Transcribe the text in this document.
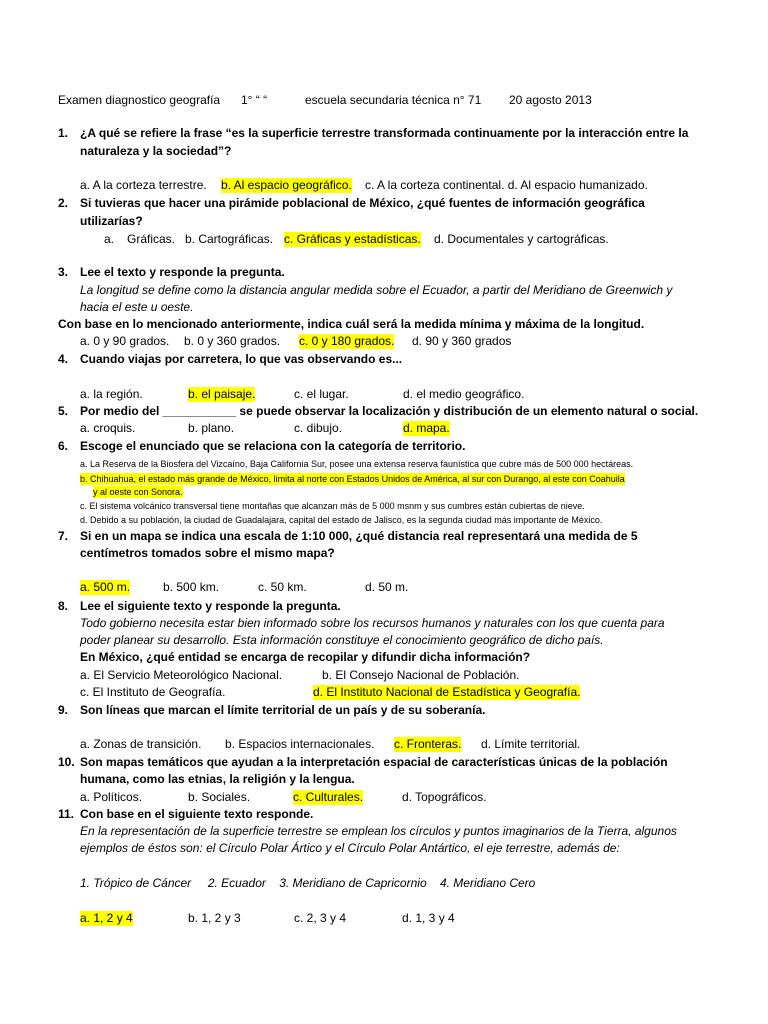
Examen diagnostico geografía 1° “ “	escuela secundaria técnica n° 71 20 agosto 2013
1. ¿A qué se refiere la frase “es la superficie terrestre transformada continuamente por la interacción entre la
naturaleza y la sociedad”?
a. A la corteza terrestre. b. Al espacio geográfico. c. A la corteza continental. d. Al espacio humanizado.
2. Si tuvieras que hacer una pirámide poblacional de México, ¿qué fuentes de información geográfica
utilizarías?
a. Gráficas. b. Cartográficas. c. Gráficas y estadísticas. d. Documentales y cartográficas.
3. Lee el texto y responde la pregunta.
La longitud se define como la distancia angular medida sobre el Ecuador, a partir del Meridiano de Greenwich y
hacia el este u oeste.
Con base en lo mencionado anteriormente, indica cuál será la medida mínima y máxima de la longitud.
a. 0 y 90 grados. b. 0 y 360 grados. c. 0 y 180 grados. d. 90 y 360 grados
4. Cuando viajas por carretera, lo que vas observando es...
a. la región.	b. el paisaje.	c. el lugar.	d. el medio geográfico.
5. Por medio del ___________ se puede observar la localización y distribución de un elemento natural o social.
a. croquis.	b. plano.	c. dibujo.	d. mapa.
6. Escoge el enunciado que se relaciona con la categoría de territorio.
a. La Reserva de la Biosfera del Vizcaíno, Baja California Sur, posee una extensa reserva faunística que cubre más de 500 000 hectáreas.
b. Chihuahua, el estado más grande de México, limita al norte con Estados Unidos de América, al sur con Durango, al este con Coahuila
y al oeste con Sonora.
c. El sistema volcánico transversal tiene montañas que alcanzan más de 5 000 msnm y sus cumbres están cubiertas de nieve.
d. Debido a su población, la ciudad de Guadalajara, capital del estado de Jalisco, es la segunda ciudad más importante de México.
7. Si en un mapa se indica una escala de 1:10 000, ¿qué distancia real representará una medida de 5
centímetros tomados sobre el mismo mapa?
a. 500 m.	b. 500 km.	c. 50 km.	d. 50 m.
8. Lee el siguiente texto y responde la pregunta.
Todo gobierno necesita estar bien informado sobre los recursos humanos y naturales con los que cuenta para
poder planear su desarrollo. Esta información constituye el conocimiento geográfico de dicho país.
En México, ¿qué entidad se encarga de recopilar y difundir dicha información?
a. El Servicio Meteorológico Nacional.	b. El Consejo Nacional de Población.
c. El Instituto de Geografía.	d. El Instituto Nacional de Estadística y Geografía.
9. Son líneas que marcan el límite territorial de un país y de su soberanía.
a. Zonas de transición. b. Espacios internacionales. c. Fronteras. d. Límite territorial.
10. Son mapas temáticos que ayudan a la interpretación espacial de características únicas de la población
humana, como las etnias, la religión y la lengua.
a. Políticos.	b. Sociales.	c. Culturales.	d. Topográficos.
11. Con base en el siguiente texto responde.
En la representación de la superficie terrestre se emplean los círculos y puntos imaginarios de la Tierra, algunos
ejemplos de éstos son: el Círculo Polar Ártico y el Círculo Polar Antártico, el eje terrestre, además de:
1. Trópico de Cáncer     2. Ecuador    3. Meridiano de Capricornio    4. Meridiano Cero
a. 1, 2 y 4	b. 1, 2 y 3	c. 2, 3 y 4	d. 1, 3 y 4
